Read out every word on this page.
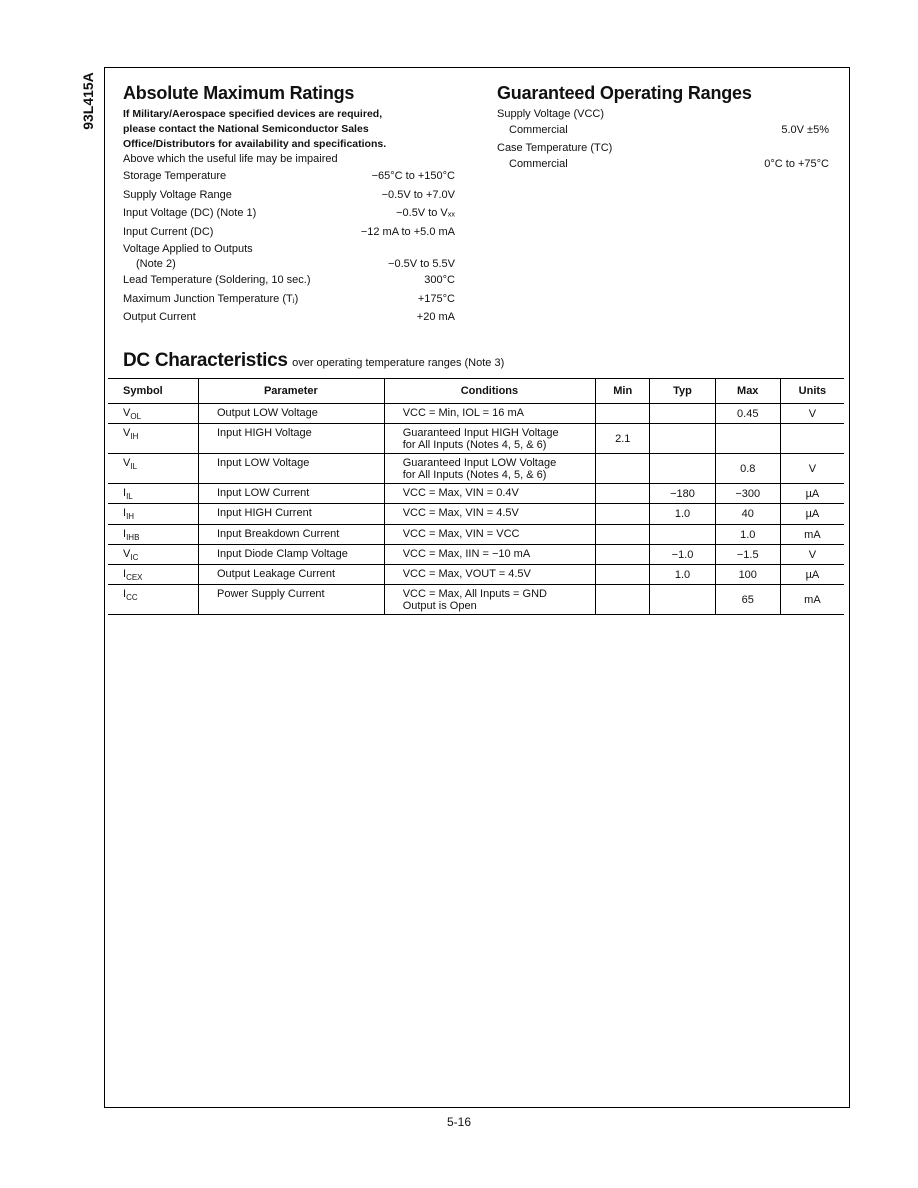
93L415A Absolute Maximum Ratings

If Military/Aerospace specified devices are required,

please contact the National Semiconductor Sales

Office/Distributors for availability and specifications.

Above which the useful life may be impaired
Storage Temperature	−65°C to +150°C
Supply Voltage Range	−0.5V to +7.0V
Input Voltage (DC) (Note 1)	−0.5V to Vₓₓ
Input Current (DC)	−12 mA to +5.0 mA
Voltage Applied to Outputs
(Note 2)	−0.5V to 5.5V
Lead Temperature (Soldering, 10 sec.)	300°C
Maximum Junction Temperature (Tⱼ)	+175°C
Output Current	+20 mA
Guaranteed Operating Ranges
Supply Voltage (VCC)
Commercial	5.0V ±5%
Case Temperature (TC)
Commercial	0°C to +75°C
DC Characteristics over operating temperature ranges (Note 3)
Symbol	Parameter	Conditions	Min	Typ	Max	Units
$V_{OL}$	Output LOW Voltage	VCC = Min, IOL = 16 mA			0.45	V
$V_{IH}$	Input HIGH Voltage	Guaranteed Input HIGH Voltage
for All Inputs (Notes 4, 5, & 6)	2.1			
$V_{IL}$	Input LOW Voltage	Guaranteed Input LOW Voltage
for All Inputs (Notes 4, 5, & 6)			0.8	V
$I_{IL}$	Input LOW Current	VCC = Max, VIN = 0.4V		−180	−300	µA
$I_{IH}$	Input HIGH Current	VCC = Max, VIN = 4.5V		1.0	40	µA
$I_{IHB}$	Input Breakdown Current	VCC = Max, VIN = VCC			1.0	mA
$V_{IC}$	Input Diode Clamp Voltage	VCC = Max, IIN = −10 mA		−1.0	−1.5	V
$I_{CEX}$	Output Leakage Current	VCC = Max, VOUT = 4.5V		1.0	100	µA
$I_{CC}$	Power Supply Current	VCC = Max, All Inputs = GND
Output is Open			65	mA
5-16
